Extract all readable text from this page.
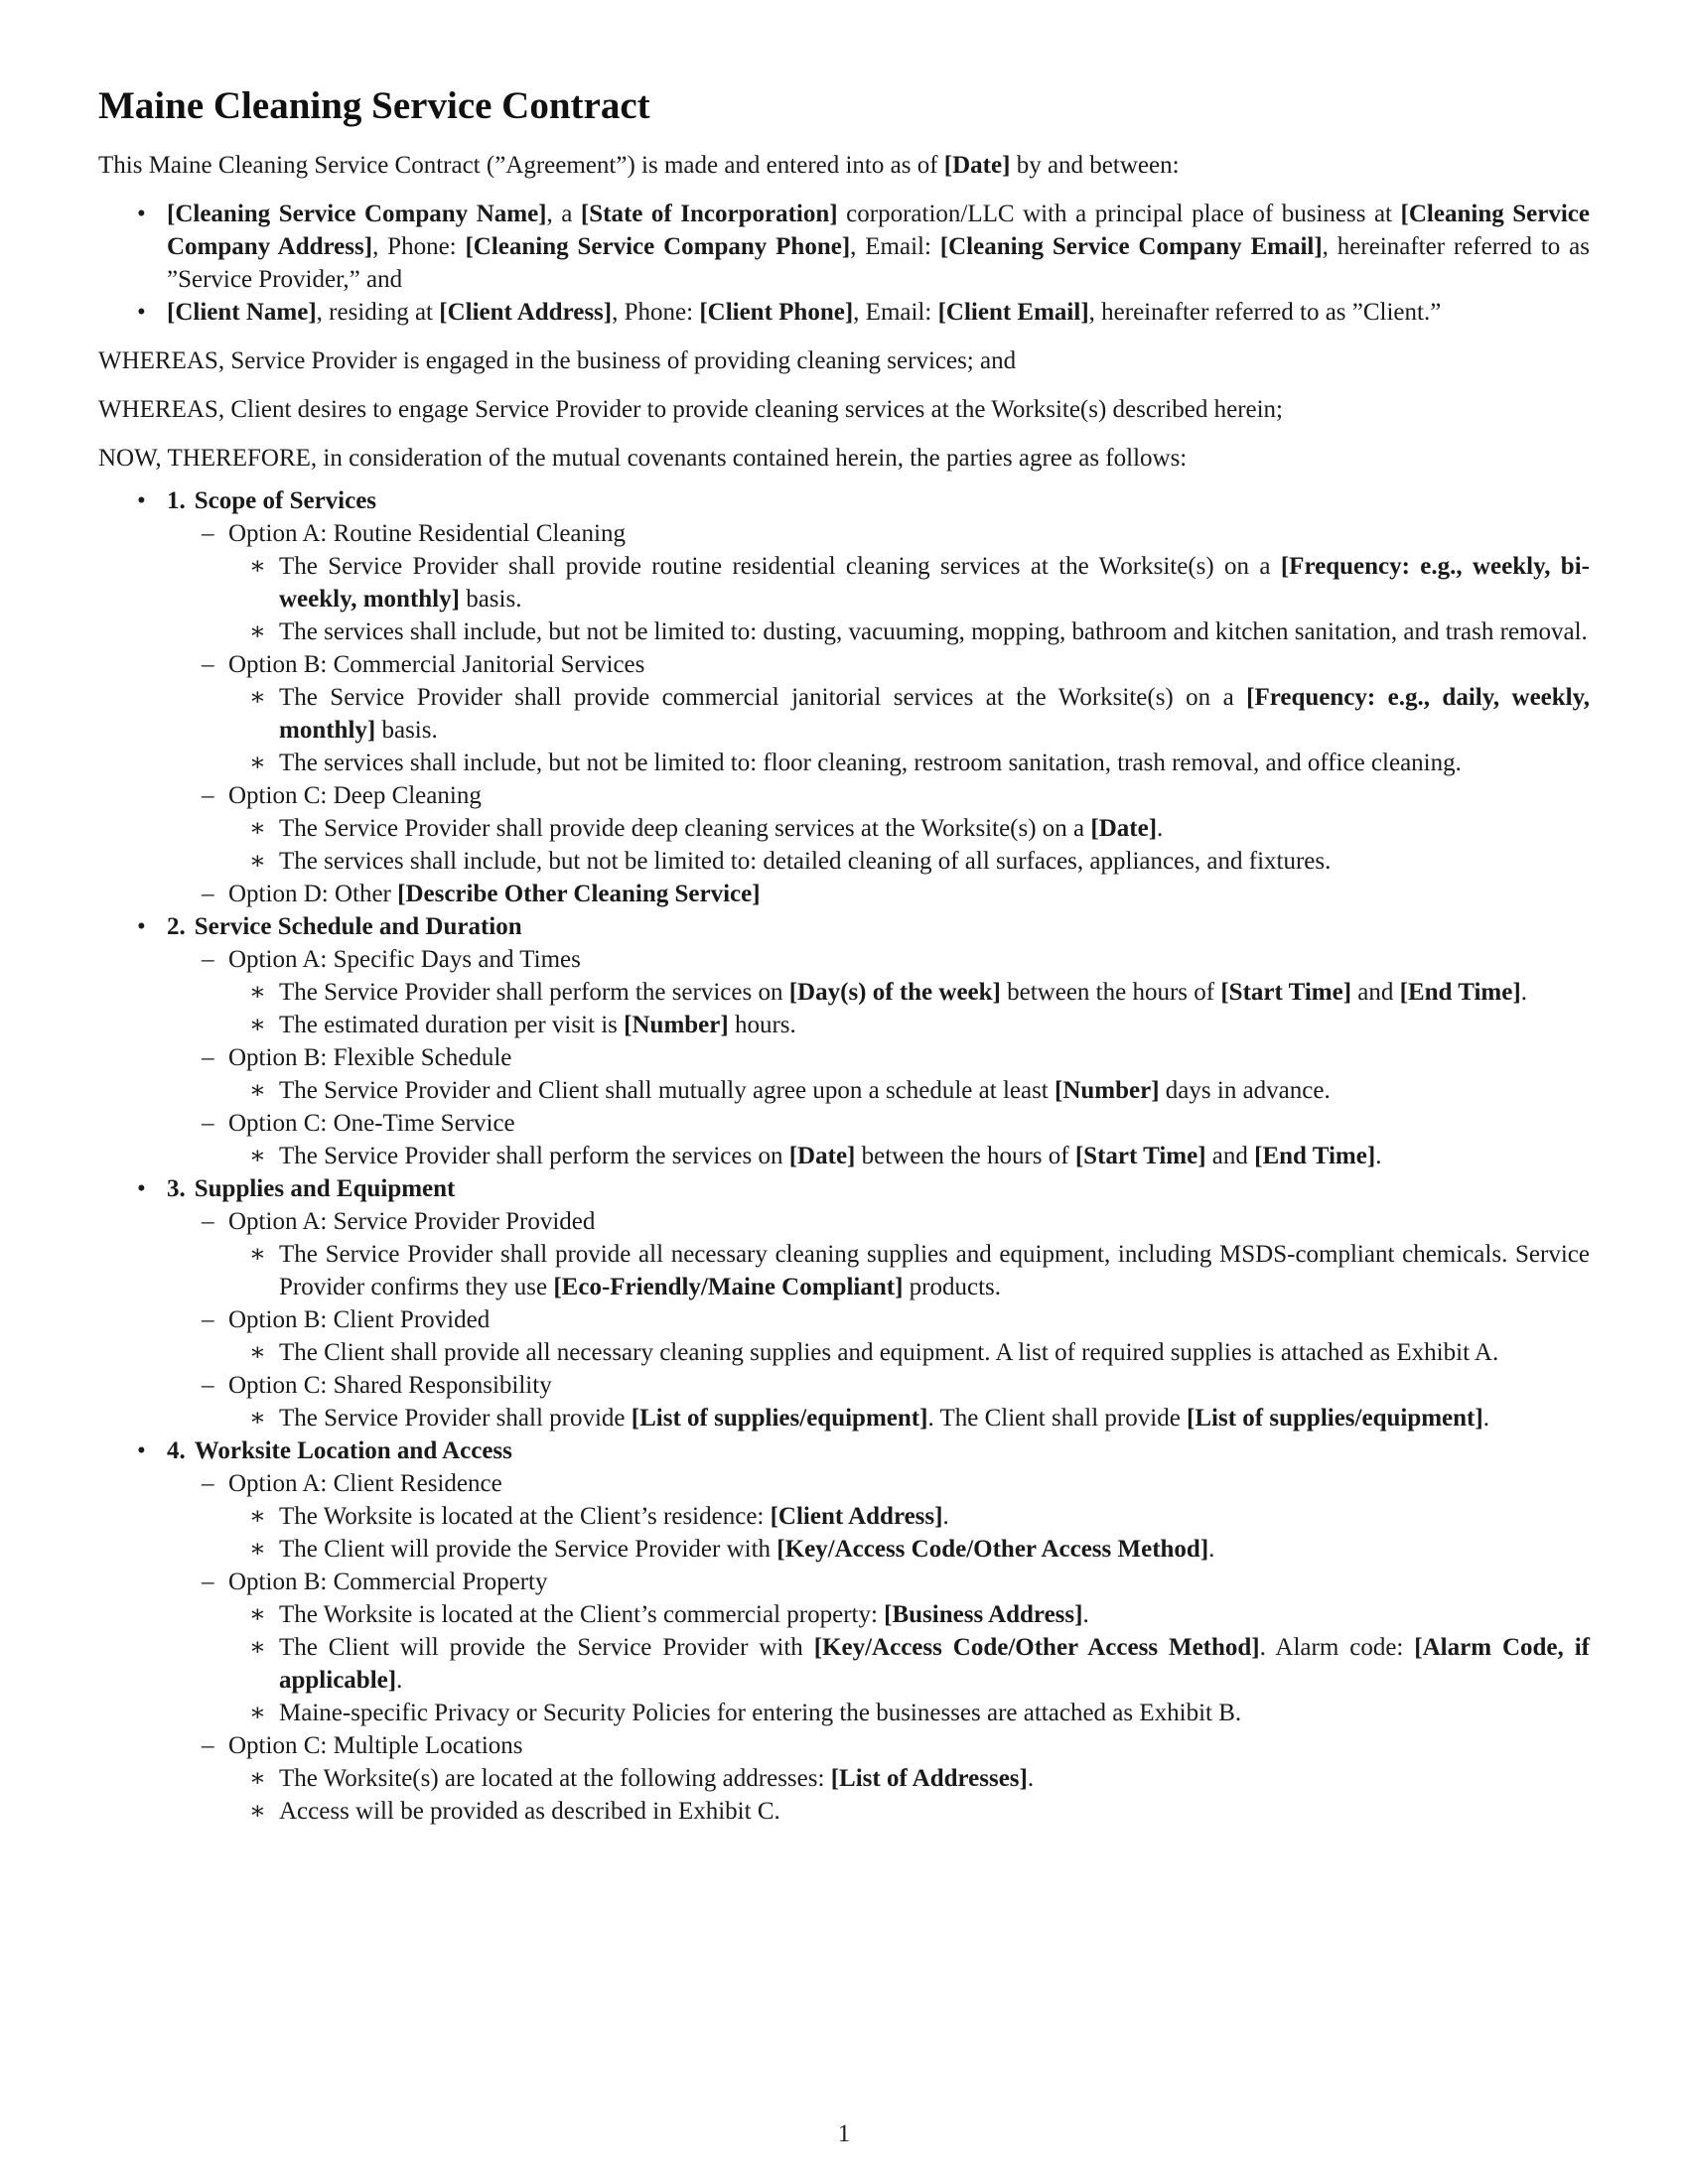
Maine Cleaning Service Contract

This Maine Cleaning Service Contract (”Agreement”) is made and entered into as of [Date] by and between:

• [Cleaning Service Company Name], a [State of Incorporation] corporation/LLC with a principal place of business at [Cleaning Service Company Address], Phone: [Cleaning Service Company Phone], Email: [Cleaning Service Company Email], hereinafter referred to as ”Service Provider,” and
• [Client Name], residing at [Client Address], Phone: [Client Phone], Email: [Client Email], hereinafter referred to as ”Client.”

WHEREAS, Service Provider is engaged in the business of providing cleaning services; and

WHEREAS, Client desires to engage Service Provider to provide cleaning services at the Worksite(s) described herein;

NOW, THEREFORE, in consideration of the mutual covenants contained herein, the parties agree as follows:

• 1. Scope of Services
– Option A: Routine Residential Cleaning
∗ The Service Provider shall provide routine residential cleaning services at the Worksite(s) on a [Frequency: e.g., weekly, bi-weekly, monthly] basis.
∗ The services shall include, but not be limited to: dusting, vacuuming, mopping, bathroom and kitchen sanitation, and trash removal.
– Option B: Commercial Janitorial Services
∗ The Service Provider shall provide commercial janitorial services at the Worksite(s) on a [Frequency: e.g., daily, weekly, monthly] basis.
∗ The services shall include, but not be limited to: floor cleaning, restroom sanitation, trash removal, and office cleaning.
– Option C: Deep Cleaning
∗ The Service Provider shall provide deep cleaning services at the Worksite(s) on a [Date].
∗ The services shall include, but not be limited to: detailed cleaning of all surfaces, appliances, and fixtures.
– Option D: Other [Describe Other Cleaning Service]
• 2. Service Schedule and Duration
– Option A: Specific Days and Times
∗ The Service Provider shall perform the services on [Day(s) of the week] between the hours of [Start Time] and [End Time].
∗ The estimated duration per visit is [Number] hours.
– Option B: Flexible Schedule
∗ The Service Provider and Client shall mutually agree upon a schedule at least [Number] days in advance.
– Option C: One-Time Service
∗ The Service Provider shall perform the services on [Date] between the hours of [Start Time] and [End Time].
• 3. Supplies and Equipment
– Option A: Service Provider Provided
∗ The Service Provider shall provide all necessary cleaning supplies and equipment, including MSDS-compliant chemicals. Service Provider confirms they use [Eco-Friendly/Maine Compliant] products.
– Option B: Client Provided
∗ The Client shall provide all necessary cleaning supplies and equipment. A list of required supplies is attached as Exhibit A.
– Option C: Shared Responsibility
∗ The Service Provider shall provide [List of supplies/equipment]. The Client shall provide [List of supplies/equipment].
• 4. Worksite Location and Access
– Option A: Client Residence
∗ The Worksite is located at the Client’s residence: [Client Address].
∗ The Client will provide the Service Provider with [Key/Access Code/Other Access Method].
– Option B: Commercial Property
∗ The Worksite is located at the Client’s commercial property: [Business Address].
∗ The Client will provide the Service Provider with [Key/Access Code/Other Access Method]. Alarm code: [Alarm Code, if applicable].
∗ Maine-specific Privacy or Security Policies for entering the businesses are attached as Exhibit B.
– Option C: Multiple Locations
∗ The Worksite(s) are located at the following addresses: [List of Addresses].
∗ Access will be provided as described in Exhibit C.
1
